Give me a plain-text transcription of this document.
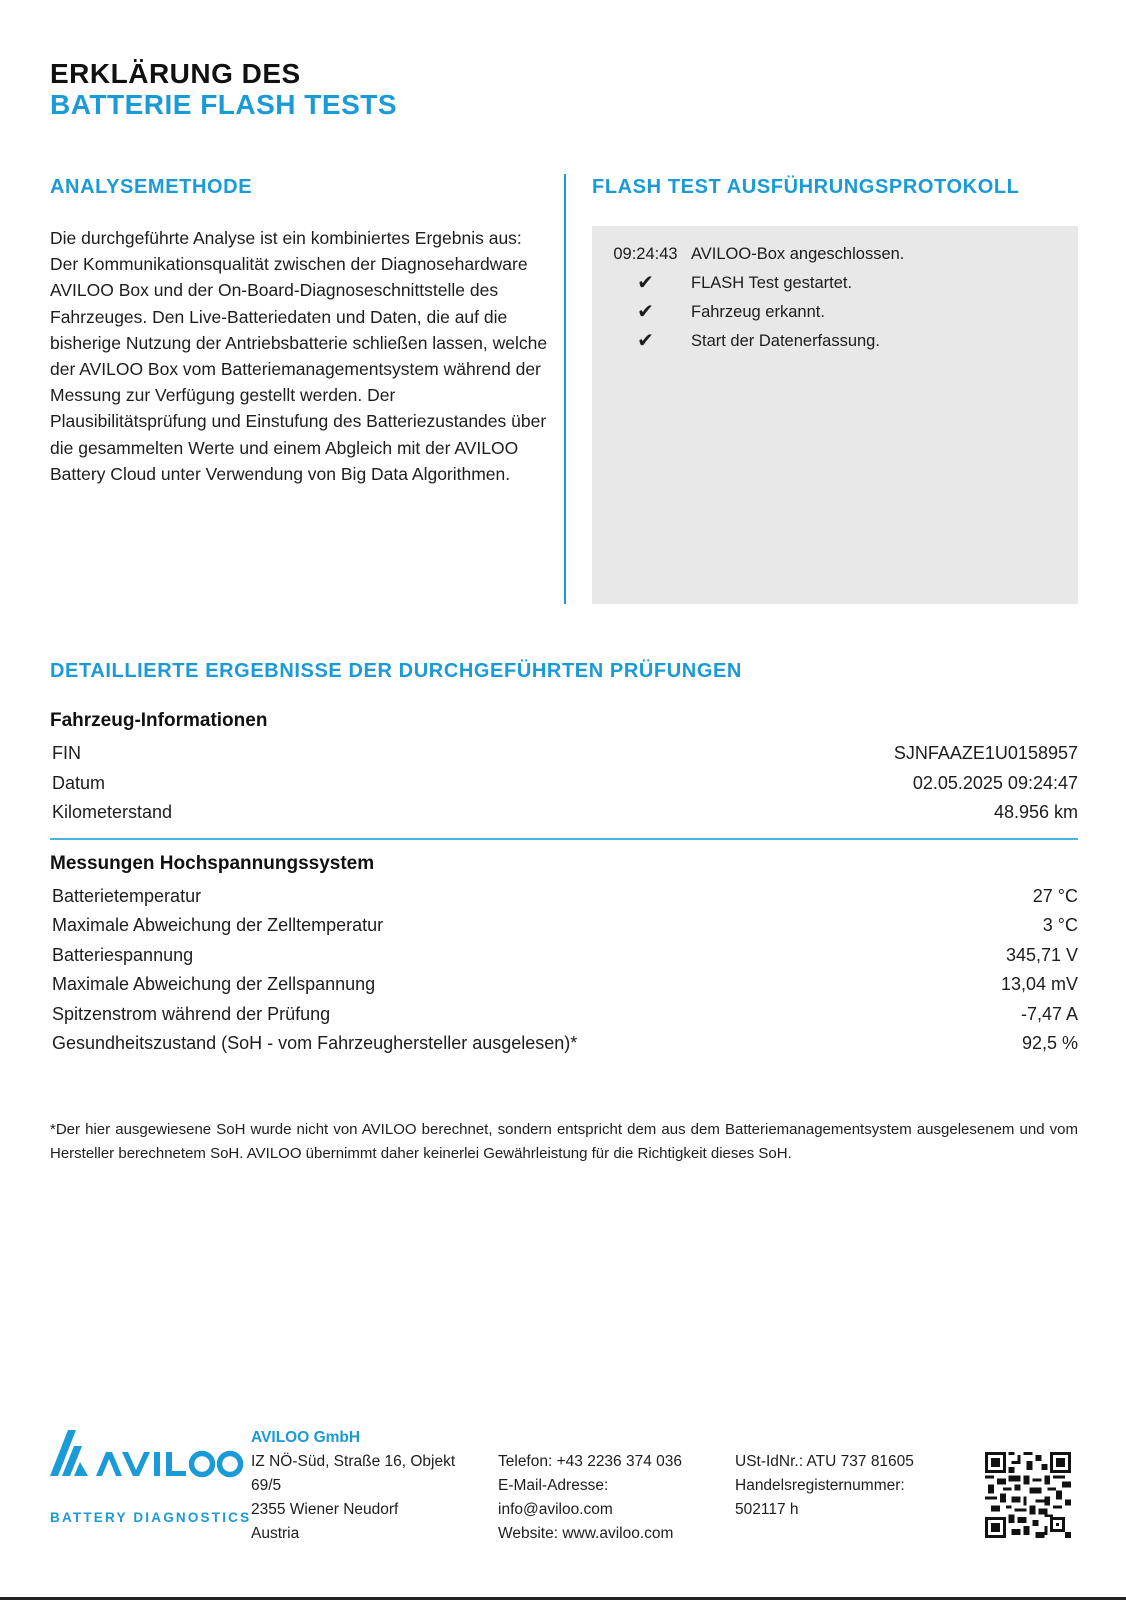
ERKLÄRUNG DES
BATTERIE FLASH TESTS
ANALYSEMETHODE

Die durchgeführte Analyse ist ein kombiniertes Ergebnis aus: Der Kommunikationsqualität zwischen der Diagnosehardware AVILOO Box und der On-Board-Diagnoseschnittstelle des Fahrzeuges. Den Live-Batteriedaten und Daten, die auf die bisherige Nutzung der Antriebsbatterie schließen lassen, welche der AVILOO Box vom Batteriemanagementsystem während der Messung zur Verfügung gestellt werden. Der Plausibilitätsprüfung und Einstufung des Batteriezustandes über die gesammelten Werte und einem Abgleich mit der AVILOO Battery Cloud unter Verwendung von Big Data Algorithmen.

FLASH TEST AUSFÜHRUNGSPROTOKOLL
09:24:43 AVILOO-Box angeschlossen.
✔	FLASH Test gestartet.
✔	Fahrzeug erkannt.
✔	Start der Datenerfassung.
DETAILLIERTE ERGEBNISSE DER DURCHGEFÜHRTEN PRÜFUNGEN
Fahrzeug-Informationen
FIN	SJNFAAZE1U0158957
Datum	02.05.2025 09:24:47
Kilometerstand	48.956 km
Messungen Hochspannungssystem
Batterietemperatur	27 °C
Maximale Abweichung der Zelltemperatur	3 °C
Batteriespannung	345,71 V
Maximale Abweichung der Zellspannung	13,04 mV
Spitzenstrom während der Prüfung	-7,47 A
Gesundheitszustand (SoH - vom Fahrzeughersteller ausgelesen)*	92,5 %

*Der hier ausgewiesene SoH wurde nicht von AVILOO berechnet, sondern entspricht dem aus dem Batteriemanagementsystem ausgelesenem und vom Hersteller berechnetem SoH. AVILOO übernimmt daher keinerlei Gewährleistung für die Richtigkeit dieses SoH.

BATTERY DIAGNOSTICS
AVILOO GmbH
IZ NÖ-Süd, Straße 16, Objekt 69/5
2355 Wiener Neudorf
Austria
Telefon: +43 2236 374 036
E-Mail-Adresse:
info@aviloo.com
Website: www.aviloo.com
USt-IdNr.: ATU 737 81605
Handelsregisternummer:
502117 h
